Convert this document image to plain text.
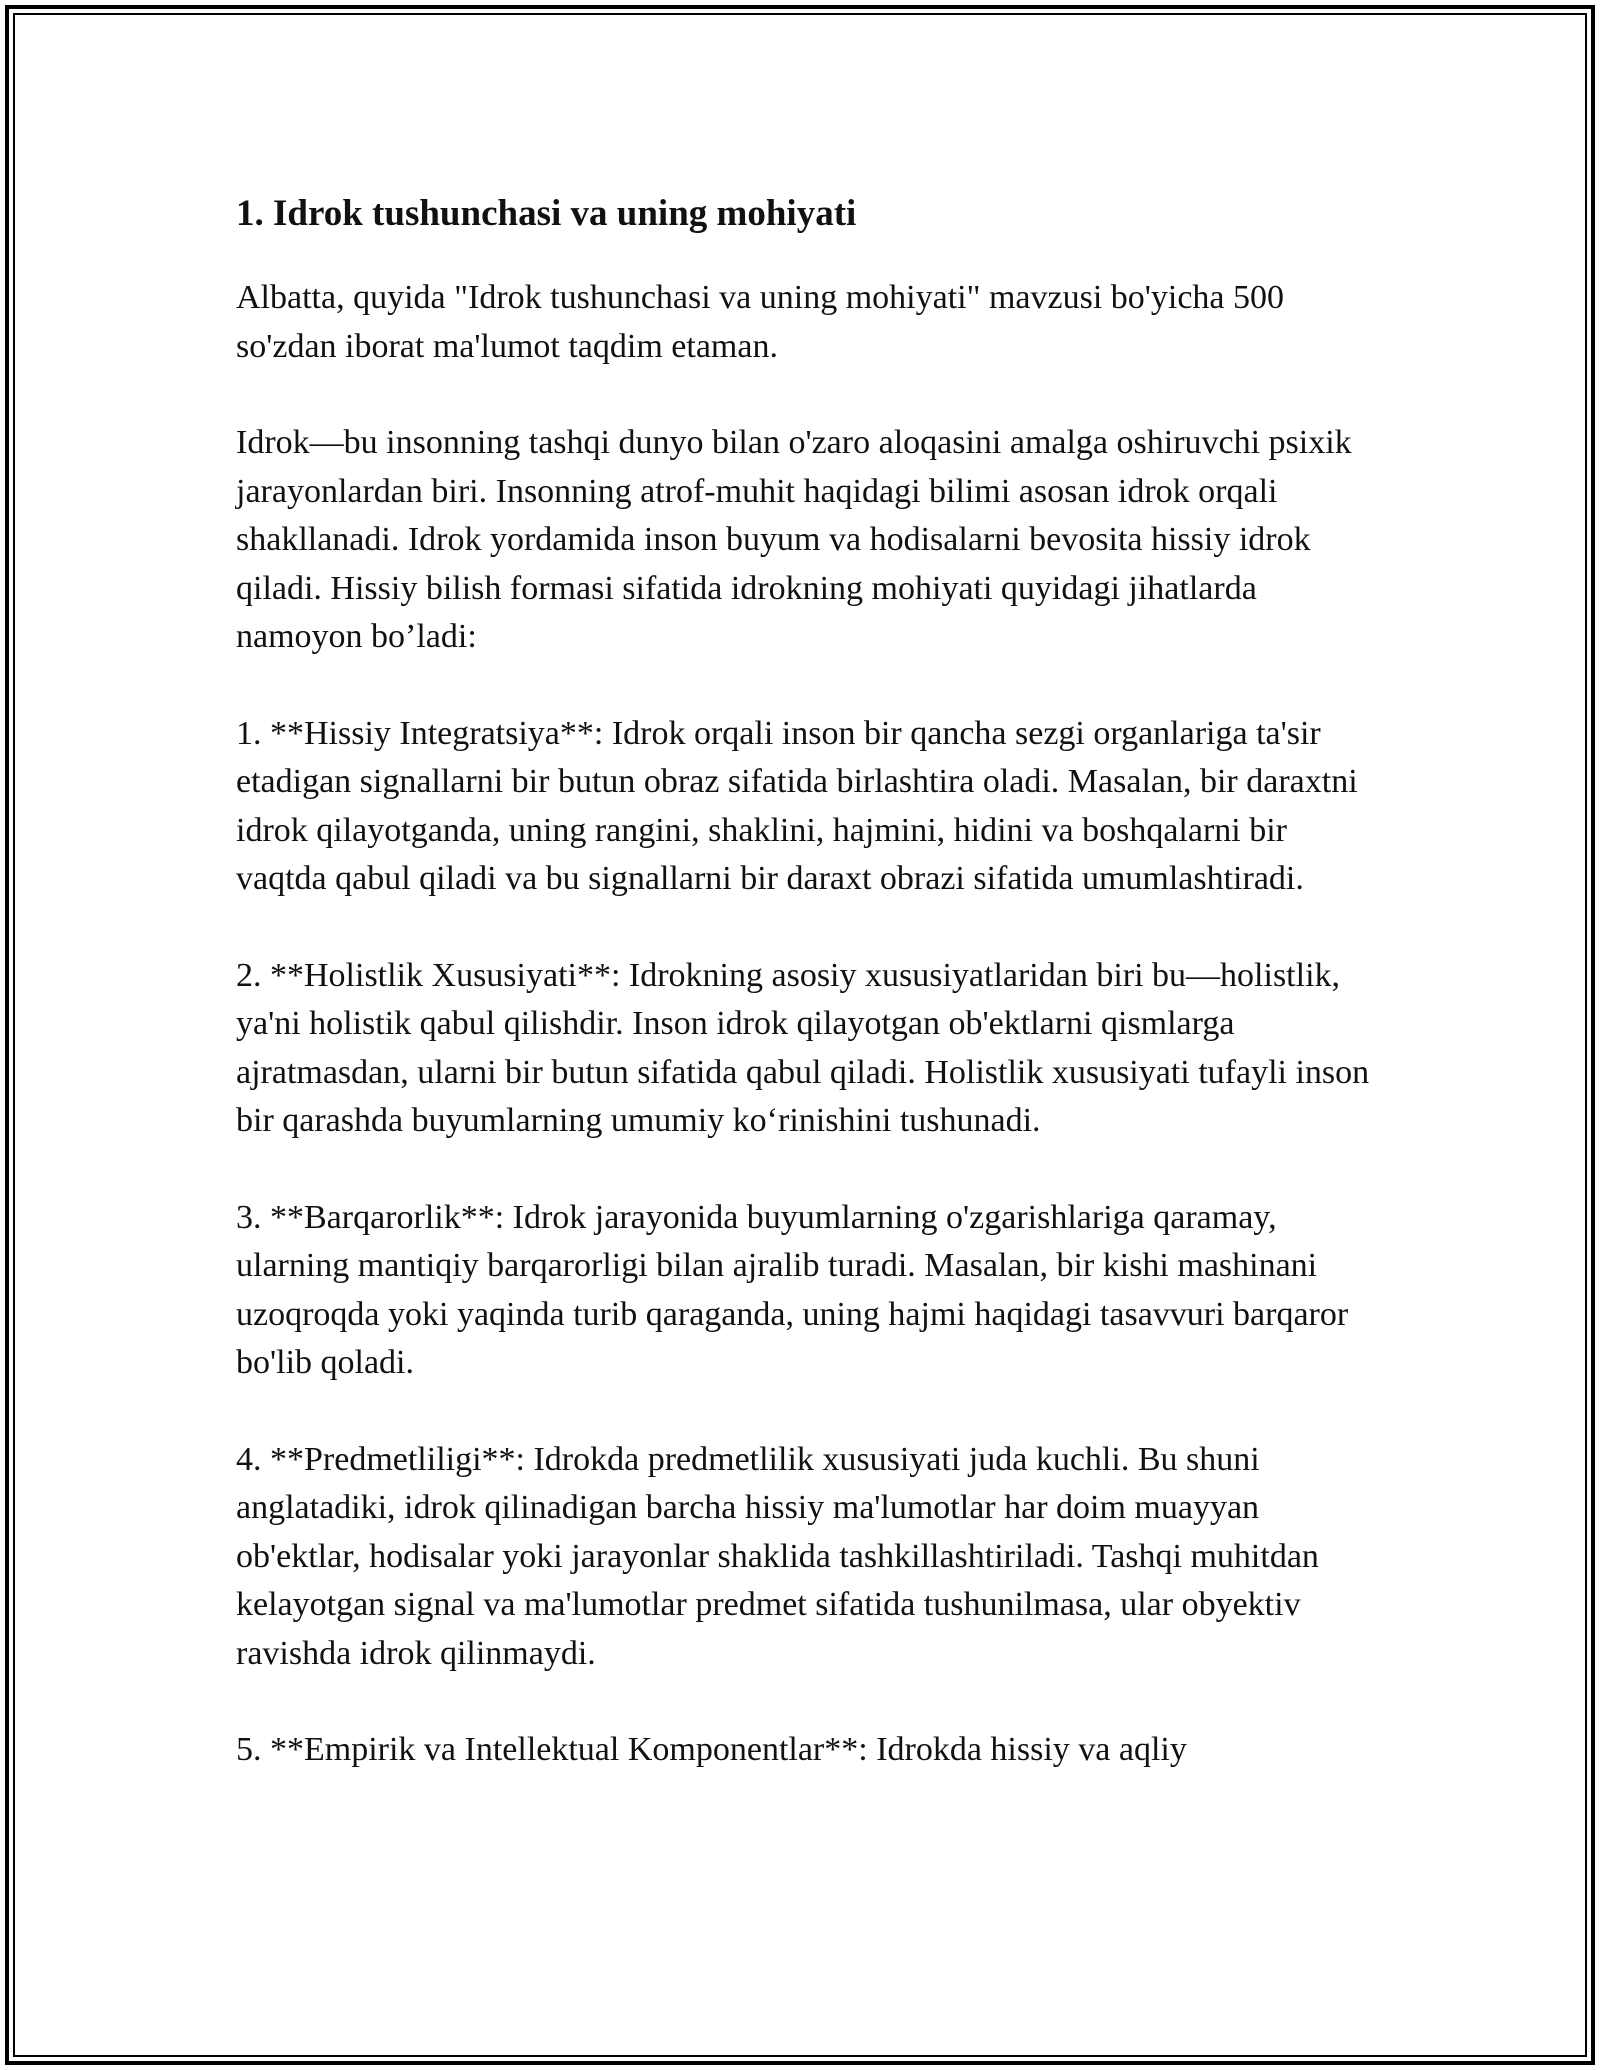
1. Idrok tushunchasi va uning mohiyati

Albatta, quyida "Idrok tushunchasi va uning mohiyati" mavzusi bo'yicha 500 so'zdan iborat ma'lumot taqdim etaman.

Idrok—bu insonning tashqi dunyo bilan o'zaro aloqasini amalga oshiruvchi psixik jarayonlardan biri. Insonning atrof-muhit haqidagi bilimi asosan idrok orqali shakllanadi. Idrok yordamida inson buyum va hodisalarni bevosita hissiy idrok qiladi. Hissiy bilish formasi sifatida idrokning mohiyati quyidagi jihatlarda namoyon bo’ladi:

1. **Hissiy Integratsiya**: Idrok orqali inson bir qancha sezgi organlariga ta'sir etadigan signallarni bir butun obraz sifatida birlashtira oladi. Masalan, bir daraxtni idrok qilayotganda, uning rangini, shaklini, hajmini, hidini va boshqalarni bir vaqtda qabul qiladi va bu signallarni bir daraxt obrazi sifatida umumlashtiradi.

2. **Holistlik Xususiyati**: Idrokning asosiy xususiyatlaridan biri bu—holistlik, ya'ni holistik qabul qilishdir. Inson idrok qilayotgan ob'ektlarni qismlarga ajratmasdan, ularni bir butun sifatida qabul qiladi. Holistlik xususiyati tufayli inson bir qarashda buyumlarning umumiy ko‘rinishini tushunadi.

3. **Barqarorlik**: Idrok jarayonida buyumlarning o'zgarishlariga qaramay, ularning mantiqiy barqarorligi bilan ajralib turadi. Masalan, bir kishi mashinani uzoqroqda yoki yaqinda turib qaraganda, uning hajmi haqidagi tasavvuri barqaror bo'lib qoladi.

4. **Predmetliligi**: Idrokda predmetlilik xususiyati juda kuchli. Bu shuni anglatadiki, idrok qilinadigan barcha hissiy ma'lumotlar har doim muayyan ob'ektlar, hodisalar yoki jarayonlar shaklida tashkillashtiriladi. Tashqi muhitdan kelayotgan signal va ma'lumotlar predmet sifatida tushunilmasa, ular obyektiv ravishda idrok qilinmaydi.

5. **Empirik va Intellektual Komponentlar**: Idrokda hissiy va aqliy
